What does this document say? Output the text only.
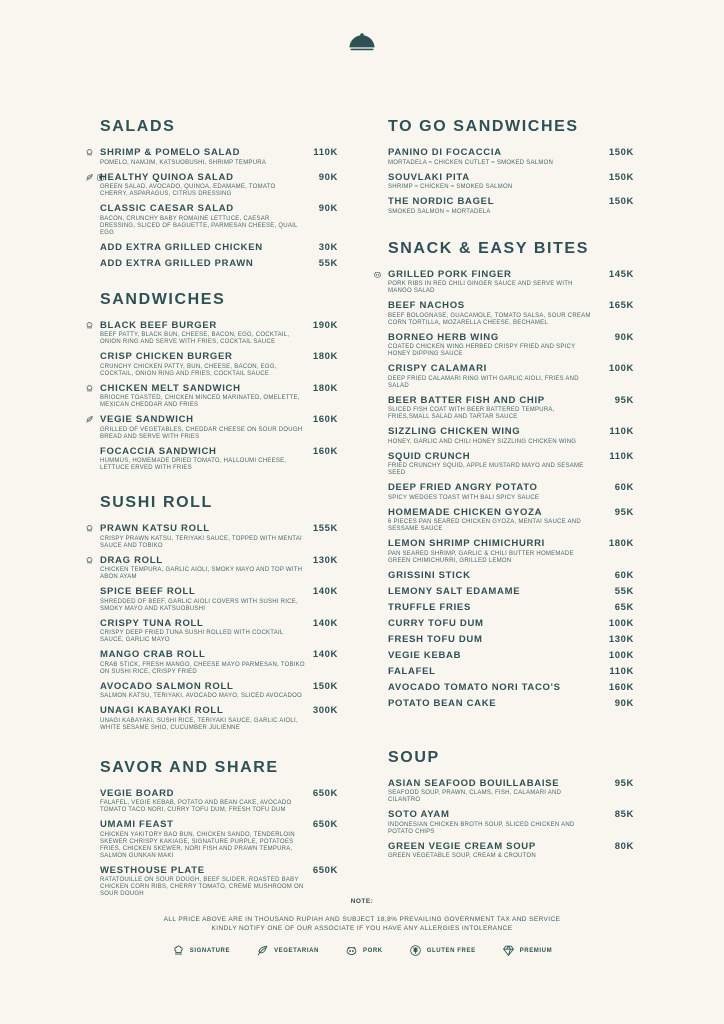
SALADS
SHRIMP & POMELO SALAD	110K
POMELO, NAMJIM, KATSUOBUSHI, SHRIMP TEMPURA
HEALTHY QUINOA SALAD	90K
GREEN SALAD, AVOCADO, QUINOA, EDAMAME, TOMATO CHERRY, ASPARAGUS, CITRUS DRESSING
CLASSIC CAESAR SALAD	90K
BACON, CRUNCHY BABY ROMAINE LETTUCE, CAESAR DRESSING, SLICED OF BAGUETTE, PARMESAN CHEESE, QUAIL EGG
ADD EXTRA GRILLED CHICKEN	30K
ADD EXTRA GRILLED PRAWN	55K
SANDWICHES
BLACK BEEF BURGER	190K
BEEF PATTY, BLACK BUN, CHEESE, BACON, EGG, COCKTAIL, ONION RING AND SERVE WITH FRIES, COCKTAIL SAUCE
CRISP CHICKEN BURGER	180K
CRUNCHY CHICKEN PATTY, BUN, CHEESE, BACON, EGG, COCKTAIL, ONION RING AND FRIES, COCKTAIL SAUCE
CHICKEN MELT SANDWICH	180K
BRIOCHE TOASTED, CHICKEN MINCED MARINATED, OMELETTE, MEXICAN CHEDDAR AND FRIES
VEGIE SANDWICH	160K
GRILLED OF VEGETABLES, CHEDDAR CHEESE ON SOUR DOUGH BREAD AND SERVE WITH FRIES
FOCACCIA SANDWICH	160K
HUMMUS, HOMEMADE DRIED TOMATO, HALLOUMI CHEESE, LETTUCE ERVED WITH FRIES
SUSHI ROLL
PRAWN KATSU ROLL	155K
CRISPY PRAWN KATSU, TERIYAKI SAUCE, TOPPED WITH MENTAI SAUCE AND TOBIKO
DRAG ROLL	130K
CHICKEN TEMPURA, GARLIC AIOLI, SMOKY MAYO AND TOP WITH ABON AYAM
SPICE BEEF ROLL	140K
SHREDDED OF BEEF, GARLIC AIOLI COVERS WITH SUSHI RICE, SMOKY MAYO AND KATSUOBUSHI
CRISPY TUNA ROLL	140K
CRISPY DEEP FRIED TUNA SUSHI ROLLED WITH COCKTAIL SAUCE, GARLIC MAYO
MANGO CRAB ROLL	140K
CRAB STICK, FRESH MANGO, CHEESE MAYO PARMESAN, TOBIKO ON SUSHI RICE, CRISPY FRIED
AVOCADO SALMON ROLL	150K
SALMON KATSU, TERIYAKI, AVOCADO MAYO, SLICED AVOCADOO
UNAGI KABAYAKI ROLL	300K
UNAGI KABAYAKI, SUSHI RICE, TERIYAKI SAUCE, GARLIC AIOLI, WHITE SESAME SHIO, CUCUMBER JULIENNE
SAVOR AND SHARE
VEGIE BOARD	650K
FALAFEL, VEGIE KEBAB, POTATO AND BEAN CAKE, AVOCADO TOMATO TACO NORI, CURRY TOFU DUM, FRESH TOFU DUM
UMAMI FEAST	650K
CHICKEN YAKITORY BAO BUN, CHICKEN SANDO, TENDERLOIN SKEWER CHRISPY KAKIAGE, SIGNATURE PURPLE, POTATOES FRIES, CHICKEN SKEWER, NORI FISH AND PRAWN TEMPURA, SALMON GUNKAN MAKI
WESTHOUSE PLATE	650K
RATATOUILLE ON SOUR DOUGH, BEEF SLIDER, ROASTED BABY CHICKEN CORN RIBS, CHERRY TOMATO, CREME MUSHROOM ON SOUR DOUGH
TO GO SANDWICHES
PANINO DI FOCACCIA	150K
MORTADELA ≈ CHICKEN CUTLET ≈ SMOKED SALMON
SOUVLAKI PITA	150K
SHRIMP ≈ CHICKEN ≈ SMOKED SALMON
THE NORDIC BAGEL	150K
SMOKED SALMON ≈ MORTADELA
SNACK & EASY BITES
GRILLED PORK FINGER	145K
PORK RIBS IN RED CHILI GINGER SAUCE AND SERVE WITH MANGO SALAD
BEEF NACHOS	165K
BEEF BOLOGNASE, GUACAMOLE, TOMATO SALSA, SOUR CREAM CORN TORTILLA, MOZARELLA CHEESE, BECHAMEL
BORNEO HERB WING	90K
COATED CHICKEN WING HERBED CRISPY FRIED AND SPICY HONEY DIPPING SAUCE
CRISPY CALAMARI	100K
DEEP FRIED CALAMARI RING WITH GARLIC AIOLI, FRIES AND SALAD
BEER BATTER FISH AND CHIP	95K
SLICED FISH COAT WITH BEER BATTERED TEMPURA, FRIES,SMALL SALAD AND TARTAR SAUCE
SIZZLING CHICKEN WING	110K
HONEY, GARLIC AND CHILI HONEY SIZZLING CHICKEN WING
SQUID CRUNCH	110K
FRIED CRUNCHY SQUID, APPLE MUSTARD MAYO AND SESAME SEED
DEEP FRIED ANGRY POTATO	60K
SPICY WEDGES TOAST WITH BALI SPICY SAUCE
HOMEMADE CHICKEN GYOZA	95K
6 PIECES PAN SEARED CHICKEN GYOZA, MENTAI SAUCE AND SESSAME SAUCE
LEMON SHRIMP CHIMICHURRI	180K
PAN SEARED SHRIMP, GARLIC & CHILI BUTTER HOMEMADE GREEN CHIMICHURRI, GRILLED LEMON
GRISSINI STICK	60K
LEMONY SALT EDAMAME	55K
TRUFFLE FRIES	65K
CURRY TOFU DUM	100K
FRESH TOFU DUM	130K
VEGIE KEBAB	100K
FALAFEL	110K
AVOCADO TOMATO NORI TACO'S	160K
POTATO BEAN CAKE	90K
SOUP
ASIAN SEAFOOD BOUILLABAISE	95K
SEAFOOD SOUP, PRAWN, CLAMS, FISH, CALAMARI AND CILANTRO
SOTO AYAM	85K
INDONESIAN CHICKEN BROTH SOUP, SLICED CHICKEN AND POTATO CHIPS
GREEN VEGIE CREAM SOUP	80K
GREEN VEGETABLE SOUP, CREAM & CROUTON
NOTE:
ALL PRICE ABOVE ARE IN THOUSAND RUPIAH AND SUBJECT 18,8% PREVAILING GOVERNMENT TAX AND SERVICE
KINDLY NOTIFY ONE OF OUR ASSOCIATE IF YOU HAVE ANY ALLERGIES INTOLERANCE
SIGNATURE	VEGETARIAN	PORK	GLUTEN FREE	PREMIUM
